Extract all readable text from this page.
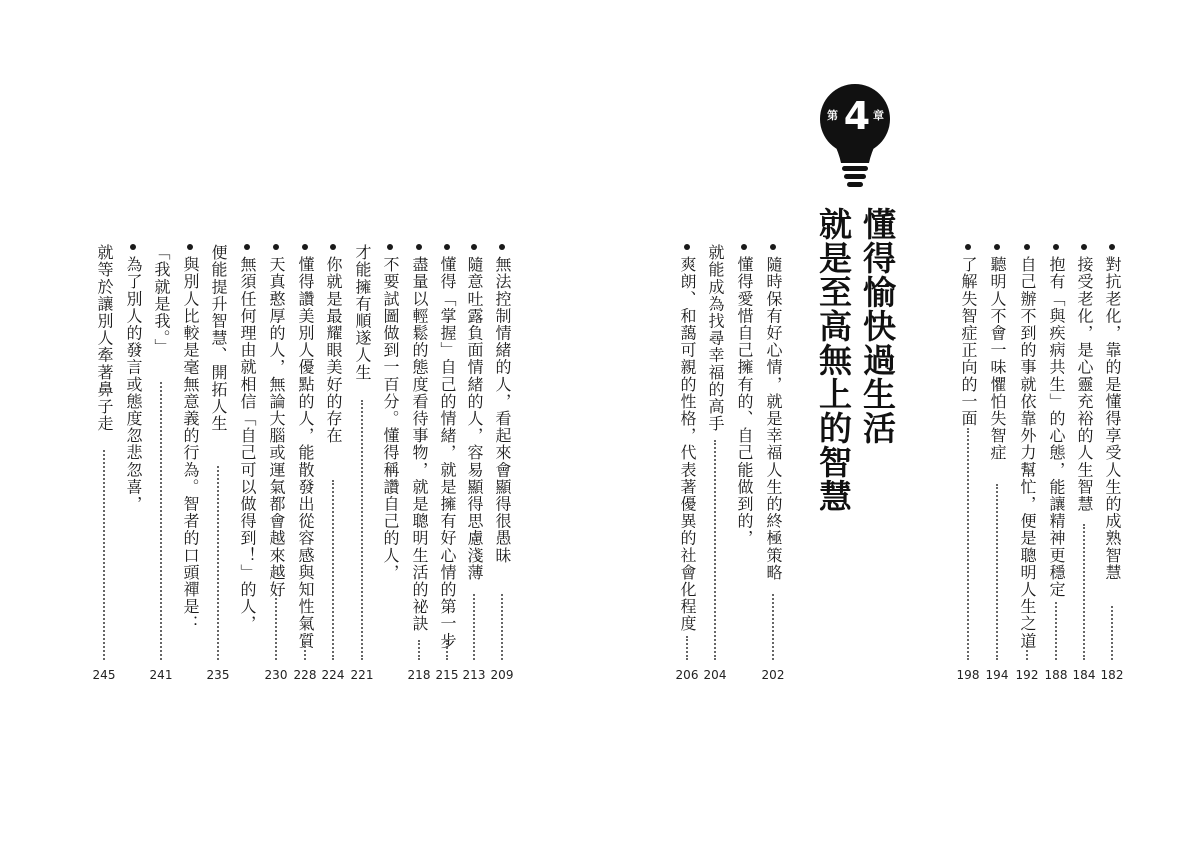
第 4 章
懂得愉快過生活
就是至高無上的智慧	對抗老化，靠的是懂得享受人生的成熟智慧
182
接受老化，是心靈充裕的人生智慧
184
抱有「與疾病共生」的心態，能讓精神更穩定
188
自己辦不到的事就依靠外力幫忙，便是聰明人生之道
192
聽明人不會一味懼怕失智症
194
了解失智症正向的一面
198
隨時保有好心情，就是幸福人生的終極策略
202
懂得愛惜自己擁有的、自己能做到的，
就能成為找尋幸福的高手
204
爽朗、和藹可親的性格，代表著優異的社會化程度
206
無法控制情緒的人，看起來會顯得很愚昧
209
隨意吐露負面情緒的人，容易顯得思慮淺薄
213
懂得「掌握」自己的情緒，就是擁有好心情的第一步
215
盡量以輕鬆的態度看待事物，就是聰明生活的祕訣
218
不要試圖做到一百分。懂得稱讚自己的人，
才能擁有順遂人生
221
你就是最耀眼美好的存在
224
懂得讚美別人優點的人，能散發出從容感與知性氣質
228
天真憨厚的人，無論大腦或運氣都會越來越好
230
無須任何理由就相信「自己可以做得到！」的人，
便能提升智慧、開拓人生
235
與別人比較是毫無意義的行為。智者的口頭禪是：
「我就是我。」
241
為了別人的發言或態度忽悲忽喜，
就等於讓別人牽著鼻子走
245
